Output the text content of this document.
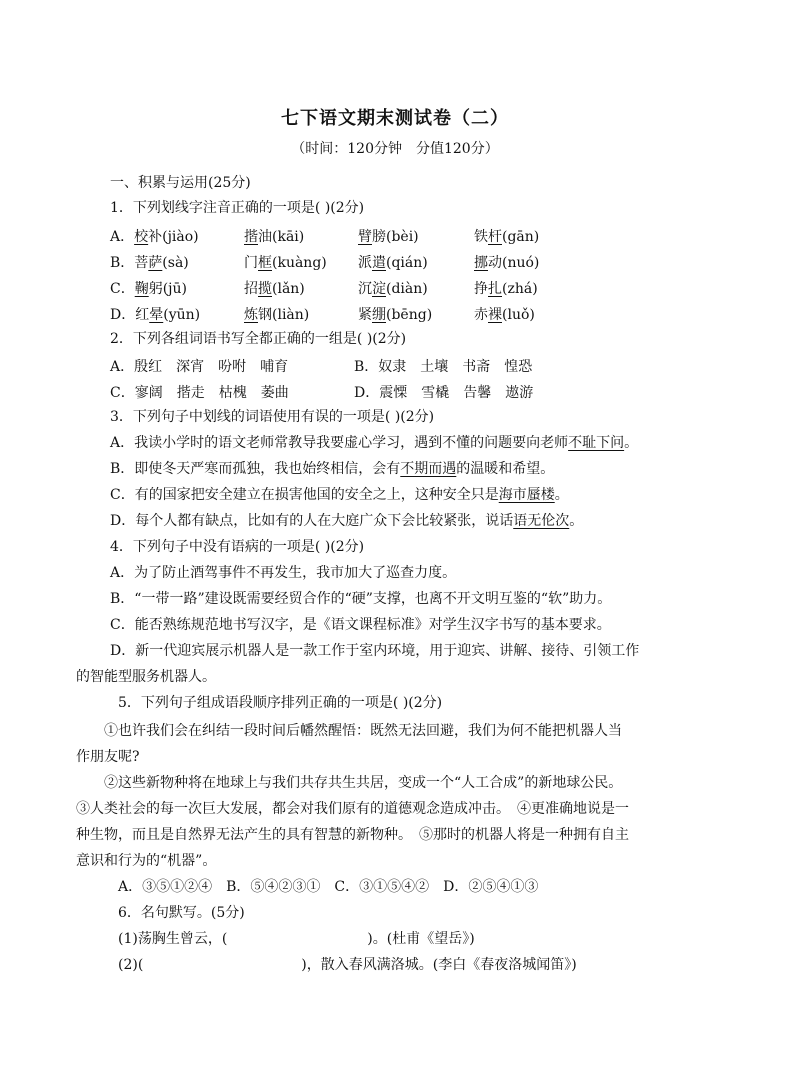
七下语文期末测试卷（二）
（时间：120分钟　分值120分）
一、积累与运用(25分)
1．下列划线字注音正确的一项是( )(2分)
A．校补(jiào)	揩油(kāi)	臂膀(bèi)	铁杆(gān)
B．菩萨(sà)	门框(kuàng) 派遣(qián)	挪动(nuó)
C．鞠躬(jū)	招揽(lǎn)	沉淀(diàn)	挣扎(zhá)
D．红晕(yūn)	炼钢(liàn)	紧绷(bēng)	赤裸(luǒ)
2．下列各组词语书写全都正确的一组是( )(2分)
A．殷红　深宵　吩咐　哺育	B．奴隶　土壤　书斋　惶恐
C．寥阔　揩走　枯槐　萎曲	D．震慄　雪橇　告馨　遨游
3．下列句子中划线的词语使用有误的一项是( )(2分)
A．我读小学时的语文老师常教导我要虚心学习，遇到不懂的问题要向老师不耻下问。
B．即使冬天严寒而孤独，我也始终相信，会有不期而遇的温暖和希望。
C．有的国家把安全建立在损害他国的安全之上，这种安全只是海市蜃楼。
D．每个人都有缺点，比如有的人在大庭广众下会比较紧张，说话语无伦次。
4．下列句子中没有语病的一项是( )(2分)
A．为了防止酒驾事件不再发生，我市加大了巡查力度。
B．“一带一路”建设既需要经贸合作的“硬”支撑，也离不开文明互鉴的“软”助力。
C．能否熟练规范地书写汉字，是《语文课程标准》对学生汉字书写的基本要求。
D．新一代迎宾展示机器人是一款工作于室内环境，用于迎宾、讲解、接待、引领工作
的智能型服务机器人。
5．下列句子组成语段顺序排列正确的一项是( )(2分)
①也许我们会在纠结一段时间后幡然醒悟：既然无法回避，我们为何不能把机器人当
作朋友呢?
②这些新物种将在地球上与我们共存共生共居，变成一个“人工合成”的新地球公民。
③人类社会的每一次巨大发展，都会对我们原有的道德观念造成冲击。　④更准确地说是一
种生物，而且是自然界无法产生的具有智慧的新物种。　⑤那时的机器人将是一种拥有自主
意识和行为的“机器”。
A．③⑤①②④　B．⑤④②③①　C．③①⑤④②　D．②⑤④①③
6．名句默写。(5分)
(1)荡胸生曾云，(	)。(杜甫《望岳》)
(2)(	)，散入春风满洛城。(李白《春夜洛城闻笛》)
